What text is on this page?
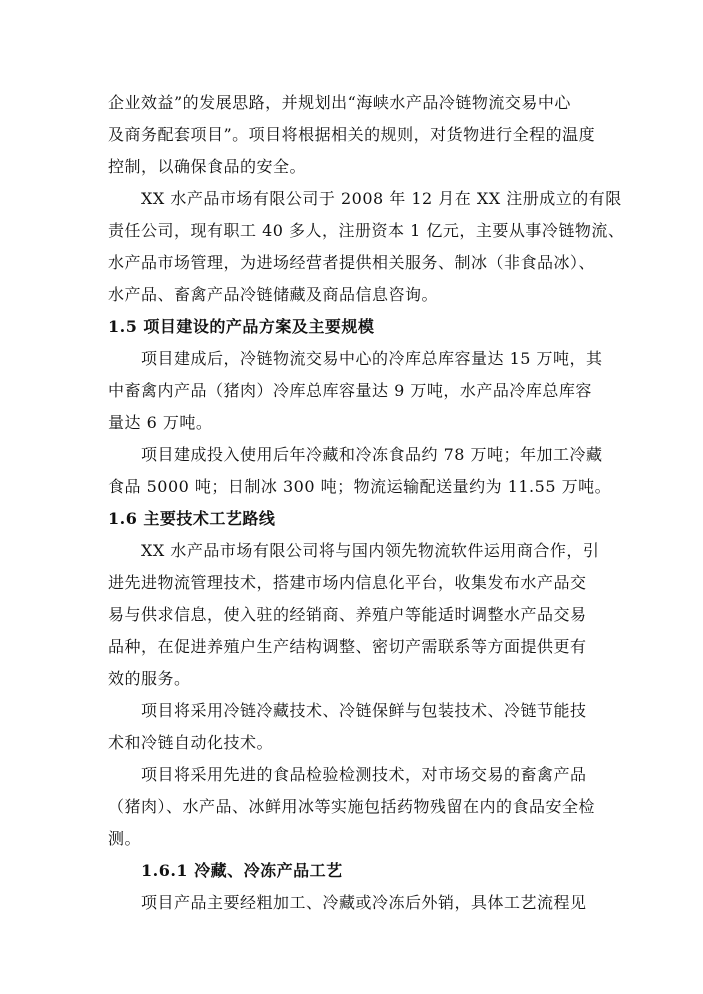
企业效益”的发展思路，并规划出“海峡水产品冷链物流交易中心
及商务配套项目”。项目将根据相关的规则，对货物进行全程的温度
控制，以确保食品的安全。
XX 水产品市场有限公司于 2008 年 12 月在 XX 注册成立的有限
责任公司，现有职工 40 多人，注册资本 1 亿元，主要从事冷链物流、
水产品市场管理，为进场经营者提供相关服务、制冰（非食品冰）、
水产品、畜禽产品冷链储藏及商品信息咨询。
1.5 项目建设的产品方案及主要规模
项目建成后，冷链物流交易中心的冷库总库容量达 15 万吨，其
中畜禽内产品（猪肉）冷库总库容量达 9 万吨，水产品冷库总库容
量达 6 万吨。
项目建成投入使用后年冷藏和冷冻食品约 78 万吨；年加工冷藏
食品 5000 吨；日制冰 300 吨；物流运输配送量约为 11.55 万吨。
1.6 主要技术工艺路线
XX 水产品市场有限公司将与国内领先物流软件运用商合作，引
进先进物流管理技术，搭建市场内信息化平台，收集发布水产品交
易与供求信息，使入驻的经销商、养殖户等能适时调整水产品交易
品种，在促进养殖户生产结构调整、密切产需联系等方面提供更有
效的服务。
项目将采用冷链冷藏技术、冷链保鲜与包装技术、冷链节能技
术和冷链自动化技术。
项目将采用先进的食品检验检测技术，对市场交易的畜禽产品
（猪肉）、水产品、冰鲜用冰等实施包括药物残留在内的食品安全检
测。
1.6.1 冷藏、冷冻产品工艺
项目产品主要经粗加工、冷藏或冷冻后外销，具体工艺流程见
